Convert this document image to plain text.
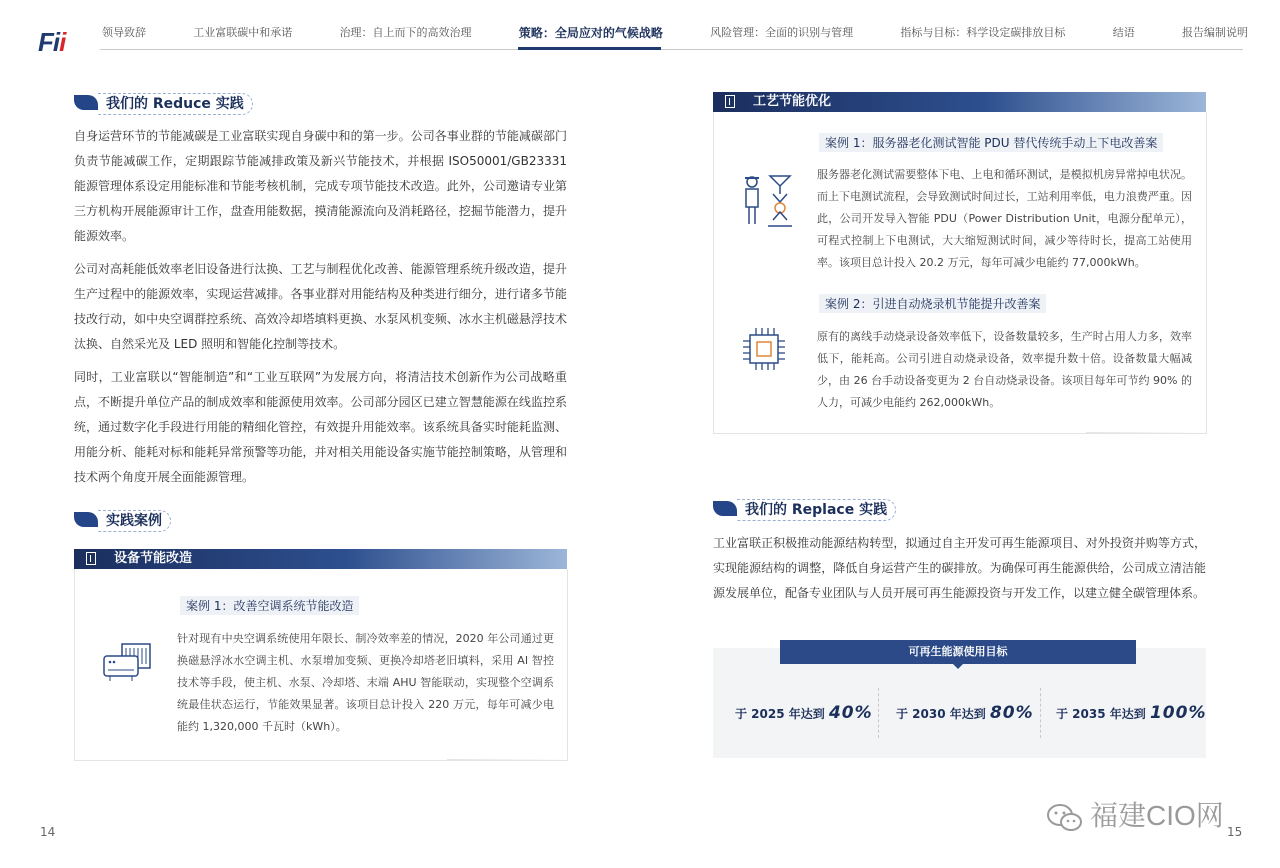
Fii	领导致辞	工业富联碳中和承诺	治理：自上而下的高效治理	策略：全局应对的气候战略	风险管理：全面的识别与管理	指标与目标：科学设定碳排放目标	结语	报告编制说明
我们的 Reduce 实践

自身运营环节的节能减碳是工业富联实现自身碳中和的第一步。公司各事业群的节能减碳部门负责节能减碳工作，定期跟踪节能减排政策及新兴节能技术，并根据 ISO50001/GB23331 能源管理体系设定用能标准和节能考核机制，完成专项节能技术改造。此外，公司邀请专业第三方机构开展能源审计工作，盘查用能数据，摸清能源流向及消耗路径，挖掘节能潜力，提升能源效率。

公司对高耗能低效率老旧设备进行汰换、工艺与制程优化改善、能源管理系统升级改造，提升生产过程中的能源效率，实现运营减排。各事业群对用能结构及种类进行细分，进行诸多节能技改行动，如中央空调群控系统、高效冷却塔填料更换、水泵风机变频、冰水主机磁悬浮技术汰换、自然采光及 LED 照明和智能化控制等技术。

同时，工业富联以“智能制造”和“工业互联网”为发展方向，将清洁技术创新作为公司战略重点，不断提升单位产品的制成效率和能源使用效率。公司部分园区已建立智慧能源在线监控系统，通过数字化手段进行用能的精细化管控，有效提升用能效率。该系统具备实时能耗监测、用能分析、能耗对标和能耗异常预警等功能，并对相关用能设备实施节能控制策略，从管理和技术两个角度开展全面能源管理。

实践案例
设备节能改造
案例 1：改善空调系统节能改造
针对现有中央空调系统使用年限长、制冷效率差的情况，2020 年公司通过更换磁悬浮冰水空调主机、水泵增加变频、更换冷却塔老旧填料，采用 AI 智控技术等手段，使主机、水泵、冷却塔、末端 AHU 智能联动，实现整个空调系统最佳状态运行，节能效果显著。该项目总计投入 220 万元，每年可减少电能约 1,320,000 千瓦时（kWh）。
工艺节能优化
案例 1：服务器老化测试智能 PDU 替代传统手动上下电改善案
服务器老化测试需要整体下电、上电和循环测试，是模拟机房异常掉电状况。而上下电测试流程，会导致测试时间过长，工站利用率低，电力浪费严重。因此，公司开发导入智能 PDU（Power Distribution Unit，电源分配单元），可程式控制上下电测试，大大缩短测试时间，减少等待时长，提高工站使用率。该项目总计投入 20.2 万元，每年可减少电能约 77,000kWh。
案例 2：引进自动烧录机节能提升改善案
原有的离线手动烧录设备效率低下，设备数量较多，生产时占用人力多，效率低下，能耗高。公司引进自动烧录设备，效率提升数十倍。设备数量大幅减少，由 26 台手动设备变更为 2 台自动烧录设备。该项目每年可节约 90% 的人力，可减少电能约 262,000kWh。
我们的 Replace 实践

工业富联正积极推动能源结构转型，拟通过自主开发可再生能源项目、对外投资并购等方式，实现能源结构的调整，降低自身运营产生的碳排放。为确保可再生能源供给，公司成立清洁能源发展单位，配备专业团队与人员开展可再生能源投资与开发工作，以建立健全碳管理体系。

可再生能源使用目标
于 2025 年达到 40% 于 2030 年达到 80% 于 2035 年达到 100%
14	15
福建CIO网
